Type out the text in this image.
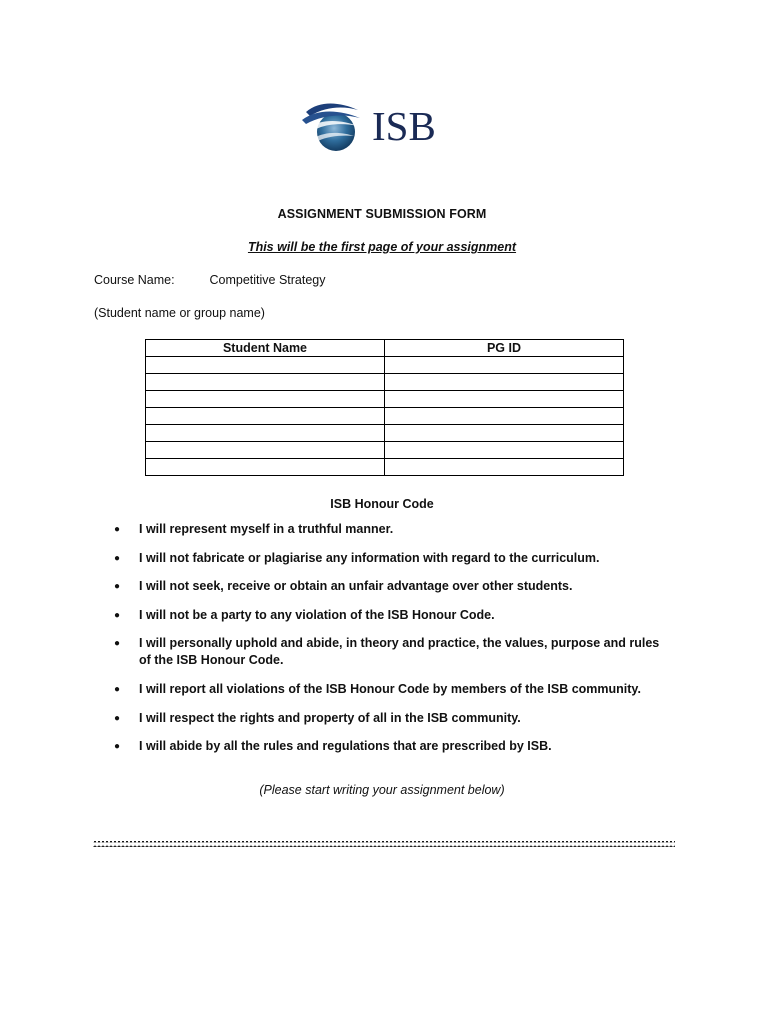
ISB
ASSIGNMENT SUBMISSION FORM
This will be the first page of your assignment
Course Name:	Competitive Strategy
(Student name or group name)
Student Name	PG ID

ISB Honour Code
● I will represent myself in a truthful manner.
● I will not fabricate or plagiarise any information with regard to the curriculum.
● I will not seek, receive or obtain an unfair advantage over other students.
● I will not be a party to any violation of the ISB Honour Code.
● I will personally uphold and abide, in theory and practice, the values, purpose and rules of the ISB Honour Code.
● I will report all violations of the ISB Honour Code by members of the ISB community.
● I will respect the rights and property of all in the ISB community.
● I will abide by all the rules and regulations that are prescribed by ISB.
(Please start writing your assignment below)
